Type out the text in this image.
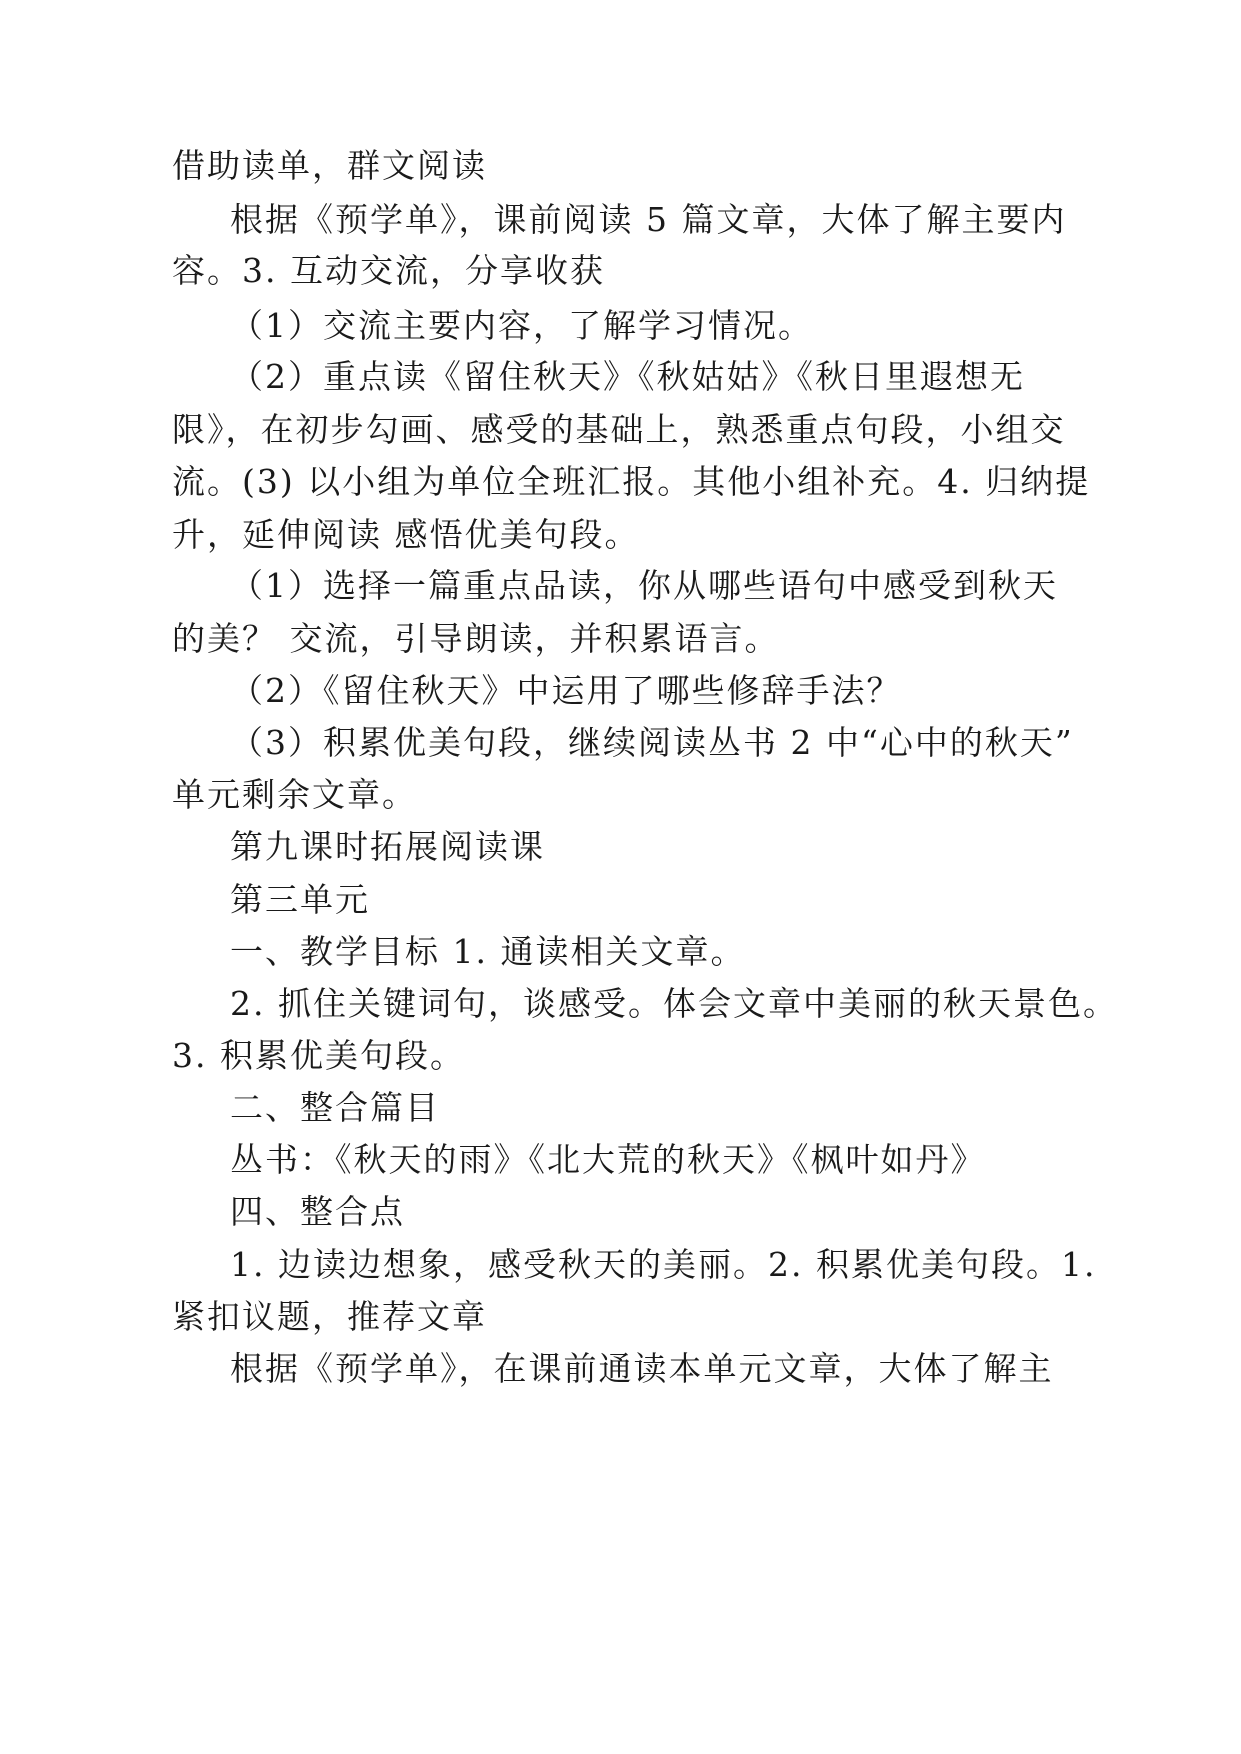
借助读单，群文阅读
根据《预学单》，课前阅读 5 篇文章，大体了解主要内
容。3. 互动交流，分享收获
（1）交流主要内容，了解学习情况。
（2）重点读《留住秋天》《秋姑姑》《秋日里遐想无
限》，在初步勾画、感受的基础上，熟悉重点句段，小组交
流。(3) 以小组为单位全班汇报。其他小组补充。4. 归纳提
升，延伸阅读 感悟优美句段。
（1）选择一篇重点品读，你从哪些语句中感受到秋天
的美？ 交流，引导朗读，并积累语言。
（2）《留住秋天》中运用了哪些修辞手法？
（3）积累优美句段，继续阅读丛书 2 中“心中的秋天”
单元剩余文章。
第九课时拓展阅读课
第三单元
一、教学目标 1. 通读相关文章。
2. 抓住关键词句，谈感受。体会文章中美丽的秋天景色。
3. 积累优美句段。
二、整合篇目
丛书：《秋天的雨》《北大荒的秋天》《枫叶如丹》
四、整合点
1. 边读边想象，感受秋天的美丽。2. 积累优美句段。1.
紧扣议题，推荐文章
根据《预学单》，在课前通读本单元文章，大体了解主
